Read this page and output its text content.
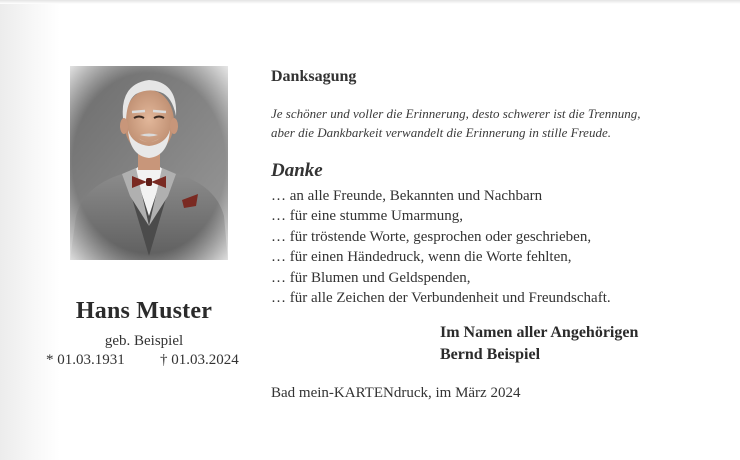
Hans Muster
geb. Beispiel
* 01.03.1931 † 01.03.2024
Danksagung
Je schöner und voller die Erinnerung, desto schwerer ist die Trennung,
aber die Dankbarkeit verwandelt die Erinnerung in stille Freude.
Danke
… an alle Freunde, Bekannten und Nachbarn
… für eine stumme Umarmung,
… für tröstende Worte, gesprochen oder geschrieben,
… für einen Händedruck, wenn die Worte fehlten,
… für Blumen und Geldspenden,
… für alle Zeichen der Verbundenheit und Freundschaft.
Im Namen aller Angehörigen
Bernd Beispiel
Bad mein-KARTENdruck, im März 2024
